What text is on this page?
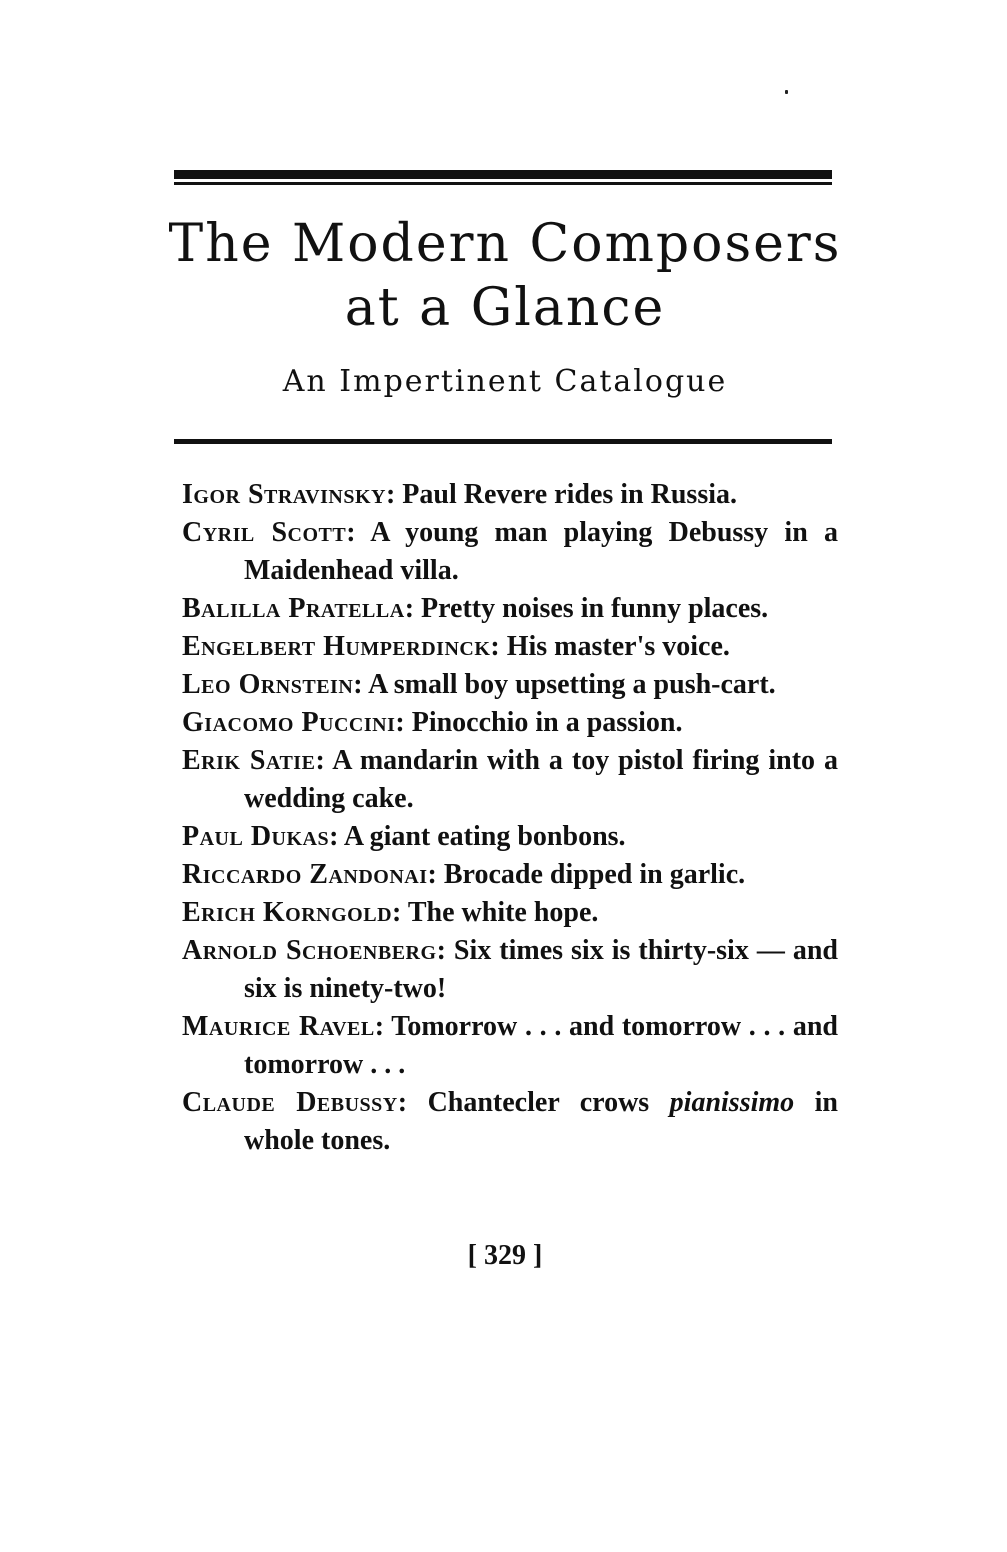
The Modern Composers
at a Glance

An Impertinent Catalogue

Igor Stravinsky: Paul Revere rides in Russia.
Cyril Scott: A young man playing Debussy in a Maidenhead villa.
Balilla Pratella: Pretty noises in funny places.
Engelbert Humperdinck: His master's voice.
Leo Ornstein: A small boy upsetting a push-cart.
Giacomo Puccini: Pinocchio in a passion.
Erik Satie: A mandarin with a toy pistol firing into a wedding cake.
Paul Dukas: A giant eating bonbons.
Riccardo Zandonai: Brocade dipped in garlic.
Erich Korngold: The white hope.
Arnold Schoenberg: Six times six is thirty-six — and six is ninety-two!
Maurice Ravel: Tomorrow . . . and tomorrow . . . and tomorrow . . .
Claude Debussy: Chantecler crows pianissimo in whole tones.
[ 329 ]
